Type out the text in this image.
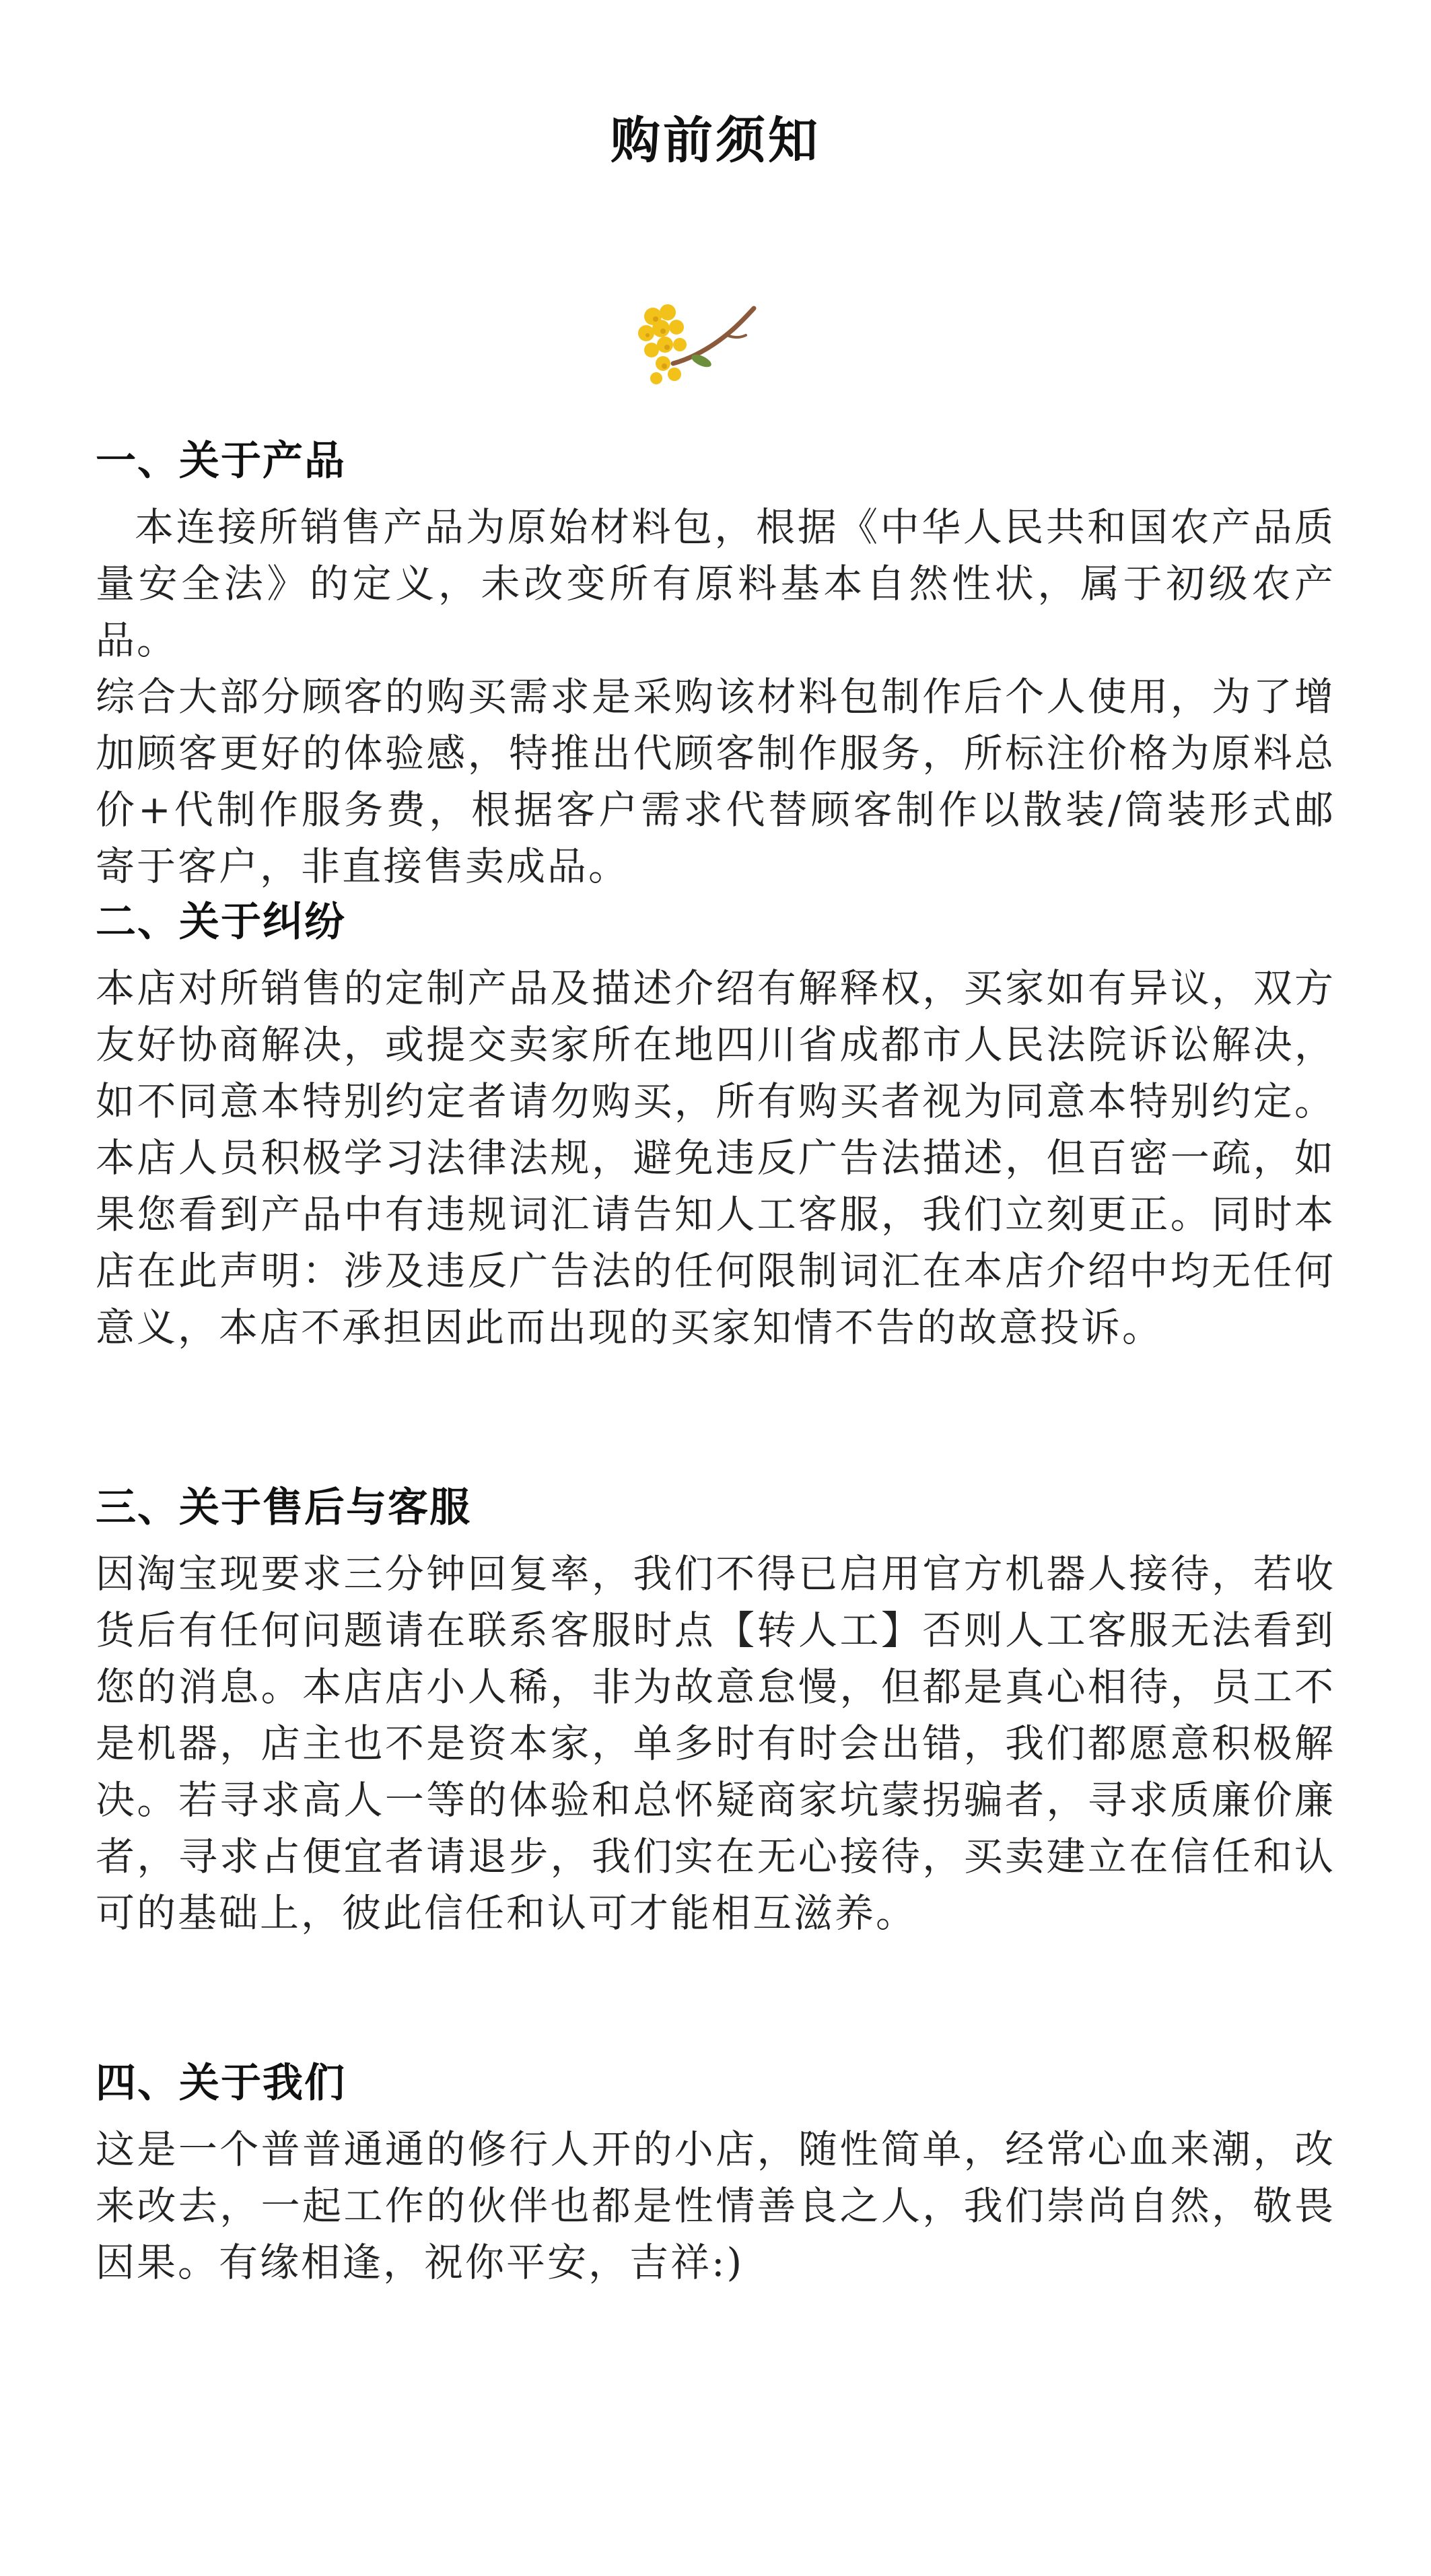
购前须知
一、关于产品

本连接所销售产品为原始材料包，根据《中华人民共和国农产品质量安全法》的定义，未改变所有原料基本自然性状，属于初级农产品。

综合大部分顾客的购买需求是采购该材料包制作后个人使用，为了增加顾客更好的体验感，特推出代顾客制作服务，所标注价格为原料总价+代制作服务费，根据客户需求代替顾客制作以散装/筒装形式邮寄于客户，非直接售卖成品。

二、关于纠纷

本店对所销售的定制产品及描述介绍有解释权，买家如有异议，双方友好协商解决，或提交卖家所在地四川省成都市人民法院诉讼解决，如不同意本特别约定者请勿购买，所有购买者视为同意本特别约定。本店人员积极学习法律法规，避免违反广告法描述，但百密一疏，如果您看到产品中有违规词汇请告知人工客服，我们立刻更正。同时本店在此声明：涉及违反广告法的任何限制词汇在本店介绍中均无任何意义，本店不承担因此而出现的买家知情不告的故意投诉。

三、关于售后与客服

因淘宝现要求三分钟回复率，我们不得已启用官方机器人接待，若收货后有任何问题请在联系客服时点【转人工】否则人工客服无法看到您的消息。本店店小人稀，非为故意怠慢，但都是真心相待，员工不是机器，店主也不是资本家，单多时有时会出错，我们都愿意积极解决。若寻求高人一等的体验和总怀疑商家坑蒙拐骗者，寻求质廉价廉者，寻求占便宜者请退步，我们实在无心接待，买卖建立在信任和认可的基础上，彼此信任和认可才能相互滋养。

四、关于我们

这是一个普普通通的修行人开的小店，随性简单，经常心血来潮，改来改去，一起工作的伙伴也都是性情善良之人，我们崇尚自然，敬畏因果。有缘相逢，祝你平安，吉祥:)
